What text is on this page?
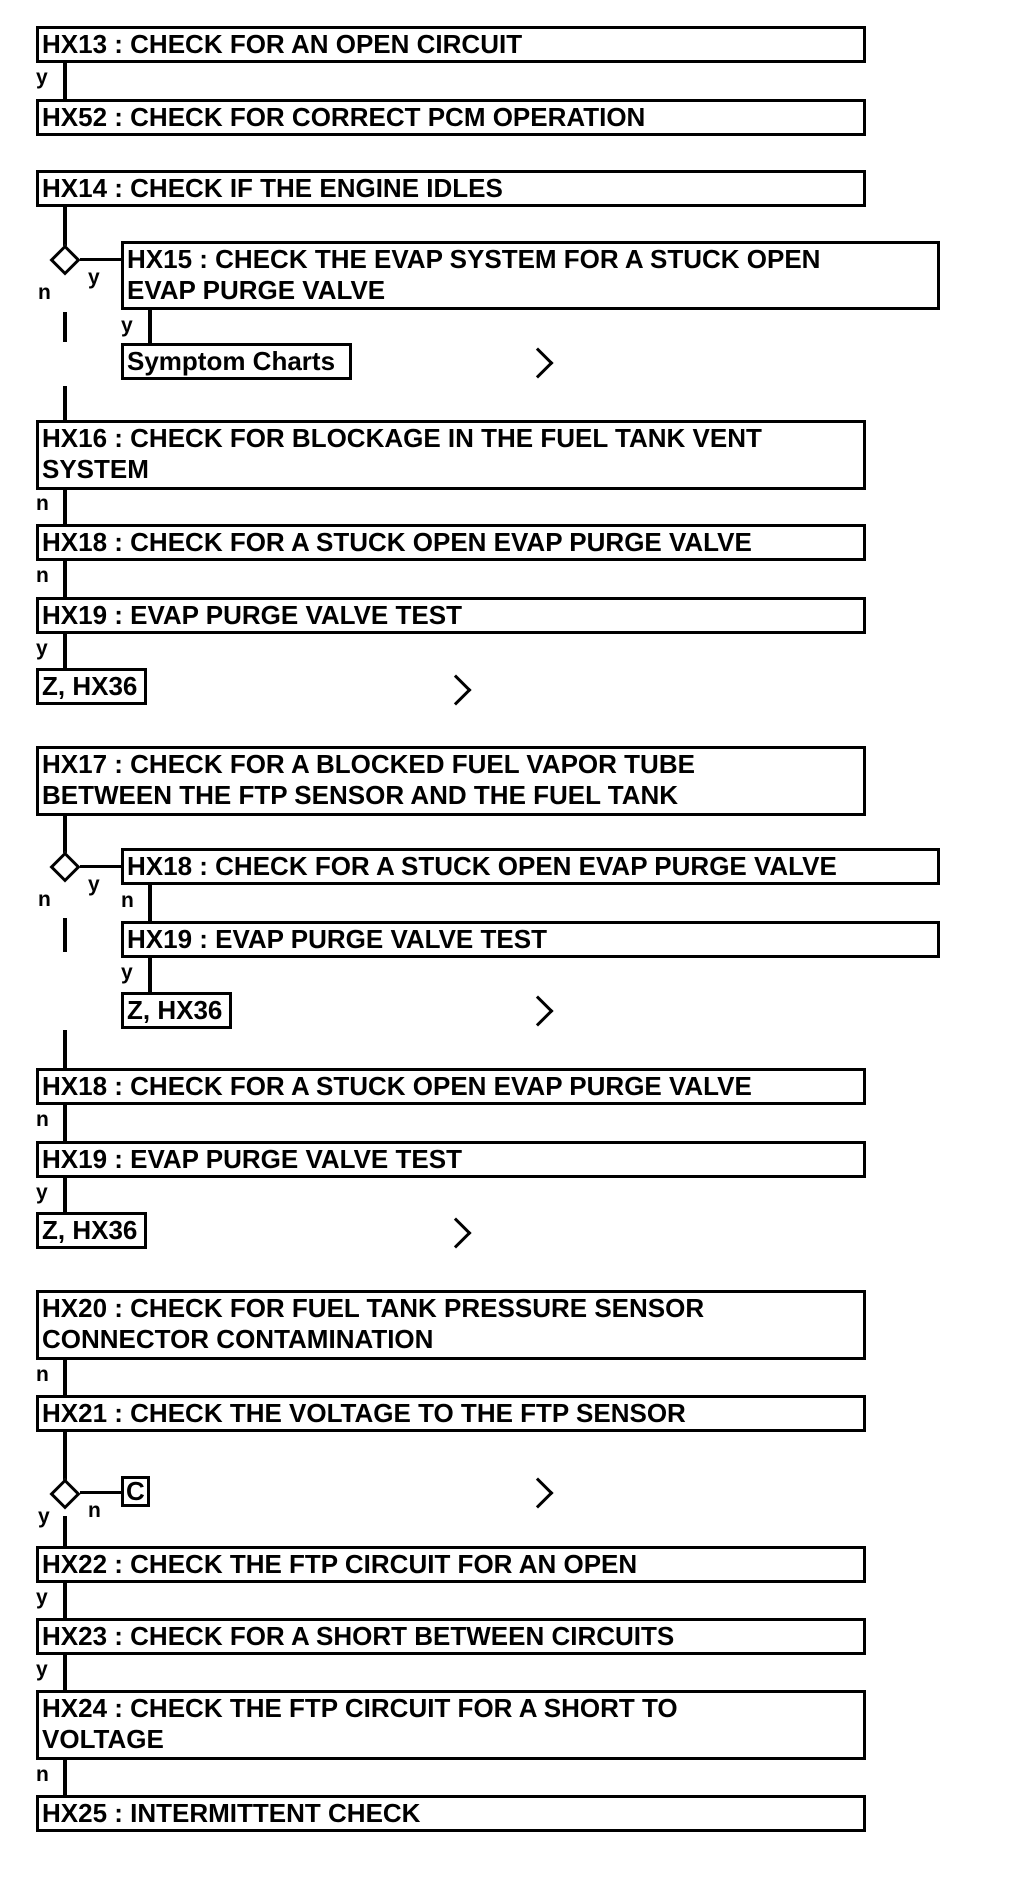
HX13 : CHECK FOR AN OPEN CIRCUIT
y
HX52 : CHECK FOR CORRECT PCM OPERATION
HX14 : CHECK IF THE ENGINE IDLES
y
n
HX15 : CHECK THE EVAP SYSTEM FOR A STUCK OPEN
EVAP PURGE VALVE
y
Symptom Charts
HX16 : CHECK FOR BLOCKAGE IN THE FUEL TANK VENT
SYSTEM
n
HX18 : CHECK FOR A STUCK OPEN EVAP PURGE VALVE
n
HX19 : EVAP PURGE VALVE TEST
y
Z, HX36
HX17 : CHECK FOR A BLOCKED FUEL VAPOR TUBE
BETWEEN THE FTP SENSOR AND THE FUEL TANK
y
n
HX18 : CHECK FOR A STUCK OPEN EVAP PURGE VALVE
n
HX19 : EVAP PURGE VALVE TEST
y
Z, HX36
HX18 : CHECK FOR A STUCK OPEN EVAP PURGE VALVE
n
HX19 : EVAP PURGE VALVE TEST
y
Z, HX36
HX20 : CHECK FOR FUEL TANK PRESSURE SENSOR
CONNECTOR CONTAMINATION
n
HX21 : CHECK THE VOLTAGE TO THE FTP SENSOR
n
C
y
HX22 : CHECK THE FTP CIRCUIT FOR AN OPEN
y
HX23 : CHECK FOR A SHORT BETWEEN CIRCUITS
y
HX24 : CHECK THE FTP CIRCUIT FOR A SHORT TO
VOLTAGE
n
HX25 : INTERMITTENT CHECK
